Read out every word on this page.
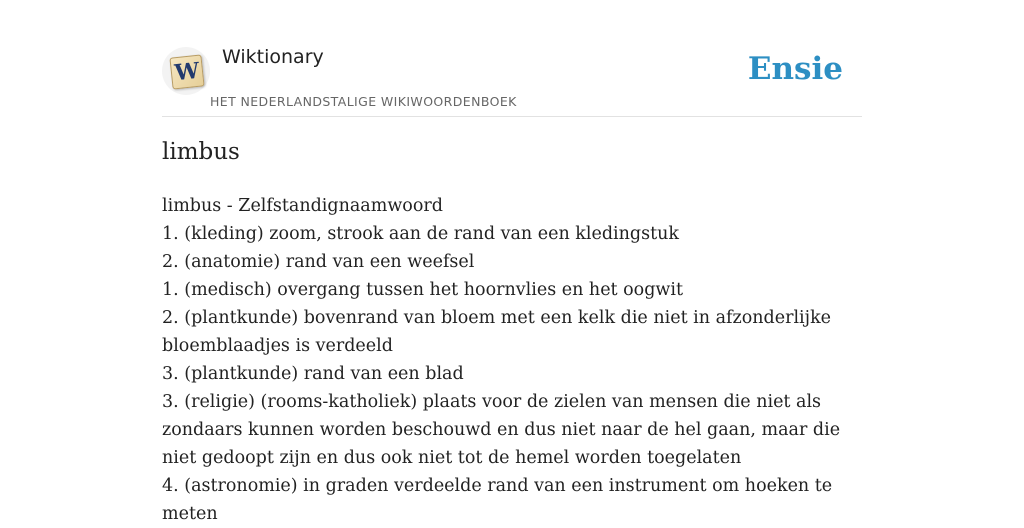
W
Wiktionary
HET NEDERLANDSTALIGE WIKIWOORDENBOEK
Ensie
limbus
limbus - Zelfstandignaamwoord
1. (kleding) zoom, strook aan de rand van een kledingstuk
2. (anatomie) rand van een weefsel
1. (medisch) overgang tussen het hoornvlies en het oogwit
2. (plantkunde) bovenrand van bloem met een kelk die niet in afzonderlijke bloemblaadjes is verdeeld
3. (plantkunde) rand van een blad
3. (religie) (rooms-katholiek) plaats voor de zielen van mensen die niet als zondaars kunnen worden beschouwd en dus niet naar de hel gaan, maar die niet gedoopt zijn en dus ook niet tot de hemel worden toegelaten
4. (astronomie) in graden verdeelde rand van een instrument om hoeken te meten
